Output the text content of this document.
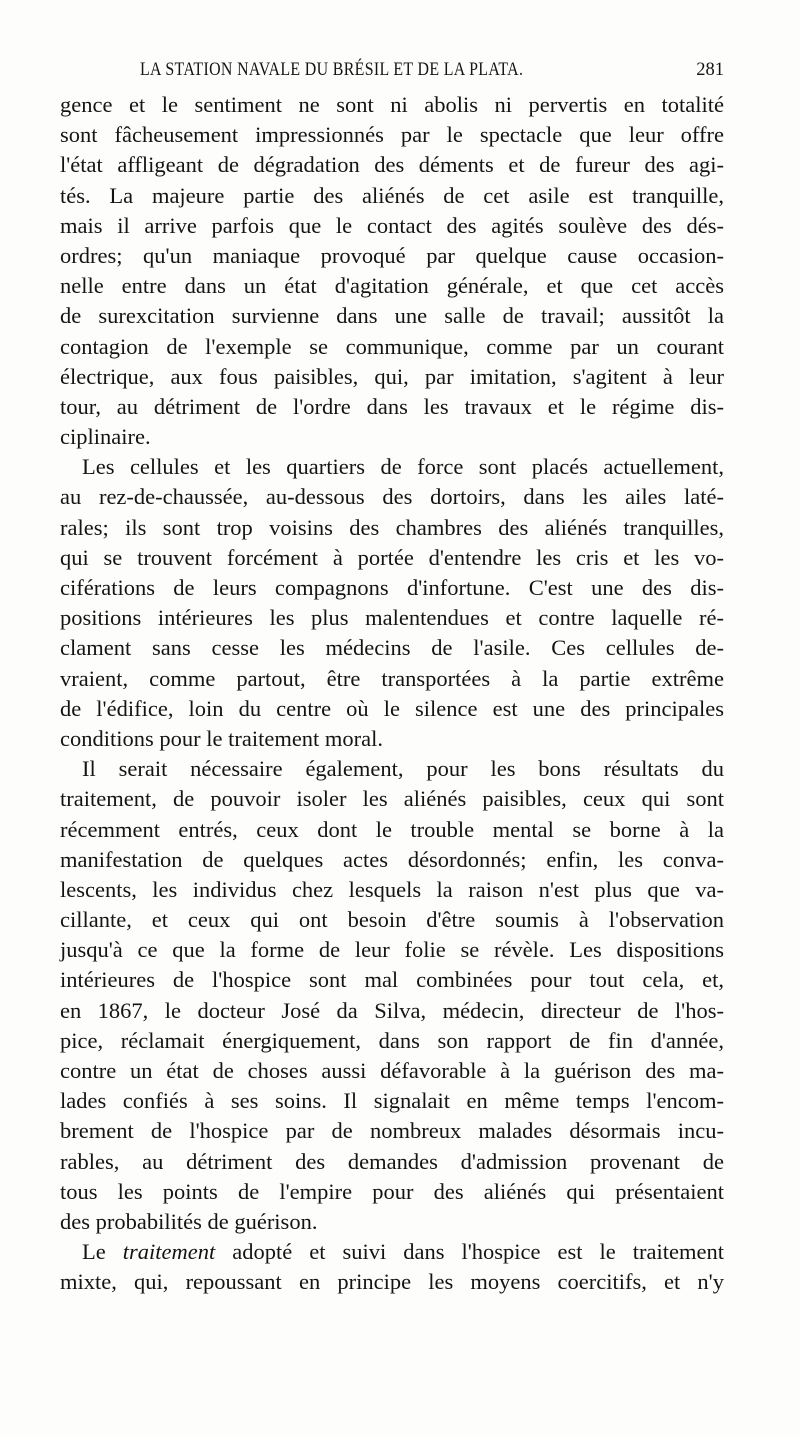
LA STATION NAVALE DU BRÉSIL ET DE LA PLATA.	281
gence et le sentiment ne sont ni abolis ni pervertis en totalité
sont fâcheusement impressionnés par le spectacle que leur offre
l'état affligeant de dégradation des déments et de fureur des agi-
tés. La majeure partie des aliénés de cet asile est tranquille,
mais il arrive parfois que le contact des agités soulève des dés-
ordres; qu'un maniaque provoqué par quelque cause occasion-
nelle entre dans un état d'agitation générale, et que cet accès
de surexcitation survienne dans une salle de travail; aussitôt la
contagion de l'exemple se communique, comme par un courant
électrique, aux fous paisibles, qui, par imitation, s'agitent à leur
tour, au détriment de l'ordre dans les travaux et le régime dis-
ciplinaire.
Les cellules et les quartiers de force sont placés actuellement,
au rez-de-chaussée, au-dessous des dortoirs, dans les ailes laté-
rales; ils sont trop voisins des chambres des aliénés tranquilles,
qui se trouvent forcément à portée d'entendre les cris et les vo-
ciférations de leurs compagnons d'infortune. C'est une des dis-
positions intérieures les plus malentendues et contre laquelle ré-
clament sans cesse les médecins de l'asile. Ces cellules de-
vraient, comme partout, être transportées à la partie extrême
de l'édifice, loin du centre où le silence est une des principales
conditions pour le traitement moral.
Il serait nécessaire également, pour les bons résultats du
traitement, de pouvoir isoler les aliénés paisibles, ceux qui sont
récemment entrés, ceux dont le trouble mental se borne à la
manifestation de quelques actes désordonnés; enfin, les conva-
lescents, les individus chez lesquels la raison n'est plus que va-
cillante, et ceux qui ont besoin d'être soumis à l'observation
jusqu'à ce que la forme de leur folie se révèle. Les dispositions
intérieures de l'hospice sont mal combinées pour tout cela, et,
en 1867, le docteur José da Silva, médecin, directeur de l'hos-
pice, réclamait énergiquement, dans son rapport de fin d'année,
contre un état de choses aussi défavorable à la guérison des ma-
lades confiés à ses soins. Il signalait en même temps l'encom-
brement de l'hospice par de nombreux malades désormais incu-
rables, au détriment des demandes d'admission provenant de
tous les points de l'empire pour des aliénés qui présentaient
des probabilités de guérison.
Le traitement adopté et suivi dans l'hospice est le traitement
mixte, qui, repoussant en principe les moyens coercitifs, et n'y
